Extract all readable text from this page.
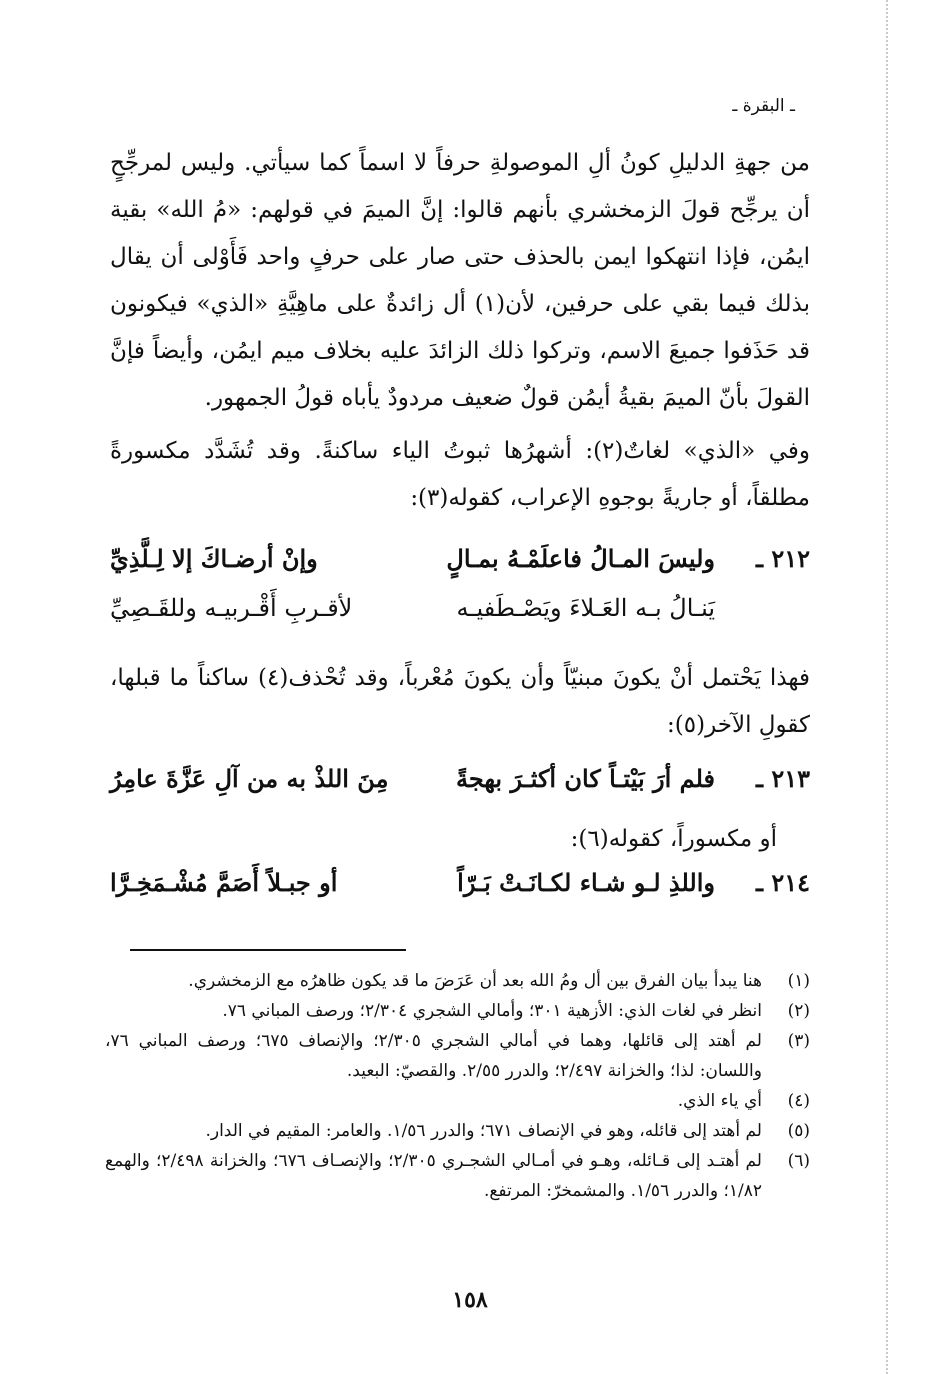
ـ البقرة ـ
من جهةِ الدليلِ كونُ ألِ الموصولةِ حرفاً لا اسماً كما سيأتي. وليس لمرجِّحٍ أن يرجِّح قولَ الزمخشري بأنهم قالوا: إنَّ الميمَ في قولهم: «مُ الله» بقية ايمُن، فإذا انتهكوا ايمن بالحذف حتى صار على حرفٍ واحد فَأَوْلى أن يقال بذلك فيما بقي على حرفين، لأن(١) أل زائدةٌ على ماهِيَّةِ «الذي» فيكونون قد حَذَفوا جميعَ الاسم، وتركوا ذلك الزائدَ عليه بخلاف ميم ايمُن، وأيضاً فإنَّ القولَ بأنّ الميمَ بقيةُ أيمُن قولٌ ضعيف مردودٌ يأباه قولُ الجمهور.
وفي «الذي» لغاتٌ(٢): أشهرُها ثبوتُ الياء ساكنةً. وقد تُشَدَّد مكسورةً مطلقاً، أو جاريةً بوجوهِ الإعراب، كقوله(٣):
٢١٢ ـ
وليسَ المـالُ فاعلَمْـهُ بمـالٍ
وإنْ أرضـاكَ إلا لِـلَّذِيِّ
يَنـالُ بـه العَـلاءَ ويَصْـطَفيـه
لأقـربِ أَقْـربيـه وللقَـصِيِّ
فهذا يَحْتمل أنْ يكونَ مبنيّاً وأن يكونَ مُعْرباً، وقد تُحْذف(٤) ساكناً ما قبلها، كقولِ الآخر(٥):
٢١٣ ـ
فلم أرَ بَيْتـاً كان أكثـرَ بهجةً
مِنَ اللذْ به من آلِ عَزَّةَ عامِرُ
أو مكسوراً، كقوله(٦):
٢١٤ ـ
واللذِ لـو شـاء لكـانَـتْ بَـرّاً
أو جبـلاً أَصَمَّ مُشْـمَخِـرَّا
(١)
هنا يبدأ بيان الفرق بين أل ومُ الله بعد أن عَرَضَ ما قد يكون ظاهرُه مع الزمخشري.
(٢)
انظر في لغات الذي: الأزهية ٣٠١؛ وأمالي الشجري ٢/٣٠٤؛ ورصف المباني ٧٦.
(٣)
لم أهتد إلى قائلها، وهما في أمالي الشجري ٢/٣٠٥؛ والإنصاف ٦٧٥؛ ورصف المباني ٧٦، واللسان: لذا؛ والخزانة ٢/٤٩٧؛ والدرر ٢/٥٥. والقصيّ: البعيد.
(٤)
أي ياء الذي.
(٥)
لم أهتد إلى قائله، وهو في الإنصاف ٦٧١؛ والدرر ١/٥٦. والعامر: المقيم في الدار.
(٦)
لم أهتـد إلى قـائله، وهـو في أمـالي الشجـري ٢/٣٠٥؛ والإنصـاف ٦٧٦؛ والخزانة ٢/٤٩٨؛ والهمع ١/٨٢؛ والدرر ١/٥٦. والمشمخرّ: المرتفع.
١٥٨
